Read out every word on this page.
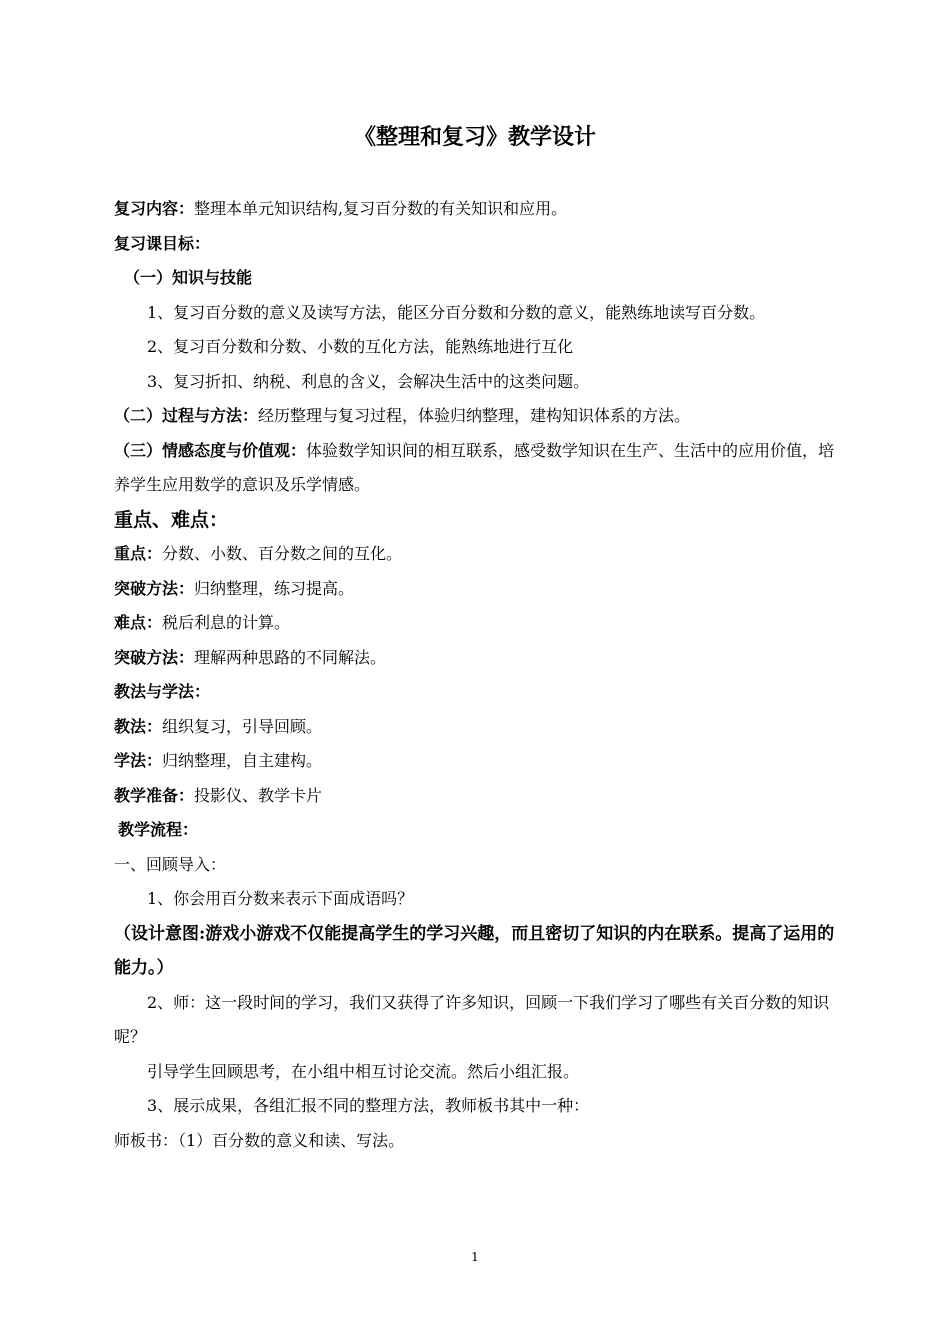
《整理和复习》教学设计

复习内容：整理本单元知识结构,复习百分数的有关知识和应用。

复习课目标：

（一）知识与技能

1、复习百分数的意义及读写方法，能区分百分数和分数的意义，能熟练地读写百分数。

2、复习百分数和分数、小数的互化方法，能熟练地进行互化

3、复习折扣、纳税、利息的含义，会解决生活中的这类问题。

（二）过程与方法：经历整理与复习过程，体验归纳整理，建构知识体系的方法。

（三）情感态度与价值观：体验数学知识间的相互联系，感受数学知识在生产、生活中的应用价值，培养学生应用数学的意识及乐学情感。

重点、难点：

重点：分数、小数、百分数之间的互化。

突破方法：归纳整理，练习提高。

难点：税后利息的计算。

突破方法：理解两种思路的不同解法。

教法与学法：

教法：组织复习，引导回顾。

学法：归纳整理，自主建构。

教学准备：投影仪、教学卡片

教学流程：

一、回顾导入：

1、你会用百分数来表示下面成语吗？

（设计意图:游戏小游戏不仅能提高学生的学习兴趣，而且密切了知识的内在联系。提高了运用的能力。）

2、师：这一段时间的学习，我们又获得了许多知识，回顾一下我们学习了哪些有关百分数的知识呢？

引导学生回顾思考，在小组中相互讨论交流。然后小组汇报。

3、展示成果，各组汇报不同的整理方法，教师板书其中一种：

师板书：（1）百分数的意义和读、写法。

1
